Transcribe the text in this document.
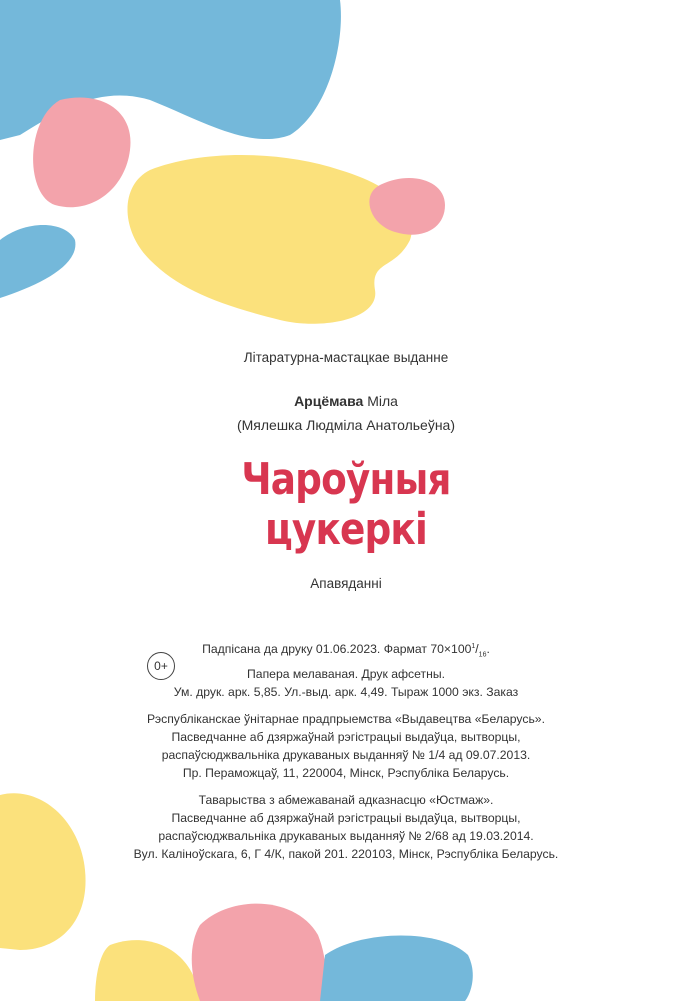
Літаратурна-мастацкае выданне
Арцёмава Міла
(Мялешка Людміла Анатольеўна)
Чароўныя
цукеркі
Апавяданні
0+

Падпісана да друку 01.06.2023. Фармат $70\times 100^1/_{16}$.
Папера мелаваная. Друк афсетны.
Ум. друк. арк. 5,85. Ул.-выд. арк. 4,49. Тыраж 1000 экз. Заказ

Рэспубліканскае ўнітарнае прадпрыемства «Выдавецтва «Беларусь».
Пасведчанне аб дзяржаўнай рэгістрацыі выдаўца, вытворцы,
распаўсюджвальніка друкаваных выданняў № 1/4 ад 09.07.2013.
Пр. Пераможцаў, 11, 220004, Мінск, Рэспубліка Беларусь.

Таварыства з абмежаванай адказнасцю «Юстмаж».
Пасведчанне аб дзяржаўнай рэгістрацыі выдаўца, вытворцы,
распаўсюджвальніка друкаваных выданняў № 2/68 ад 19.03.2014.
Вул. Каліноўскага, 6, Г 4/К, пакой 201. 220103, Мінск, Рэспубліка Беларусь.
